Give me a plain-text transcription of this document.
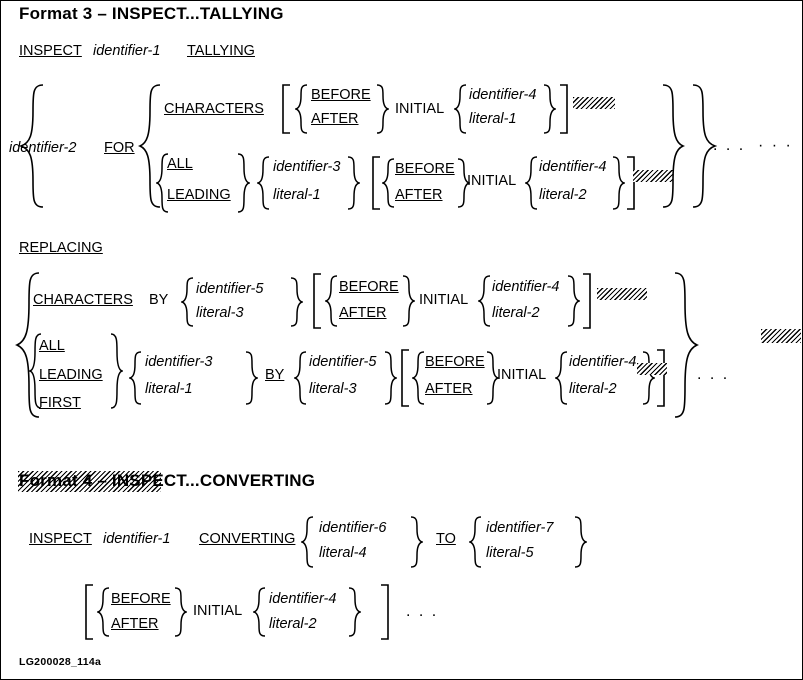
Format 3 – INSPECT...TALLYING
INSPECT identifier-1 TALLYING
identifier-2 FOR
CHARACTERS
BEFORE
AFTER
INITIAL
identifier-4
literal-1
ALL
LEADING
identifier-3
literal-1
BEFORE
AFTER
INITIAL
identifier-4
literal-2
. . . · · ·
REPLACING
CHARACTERS BY
identifier-5
literal-3
BEFORE
AFTER
INITIAL
identifier-4
literal-2
ALL
LEADING
FIRST
identifier-3
literal-1
BY
identifier-5
literal-3
BEFORE
AFTER
INITIAL
identifier-4
literal-2
. . .
Format 4 – INSPECT...CONVERTING
INSPECT identifier-1 CONVERTING
identifier-6
literal-4
TO
identifier-7
literal-5
BEFORE
AFTER
INITIAL
identifier-4
literal-2
. . .
LG200028_114a
